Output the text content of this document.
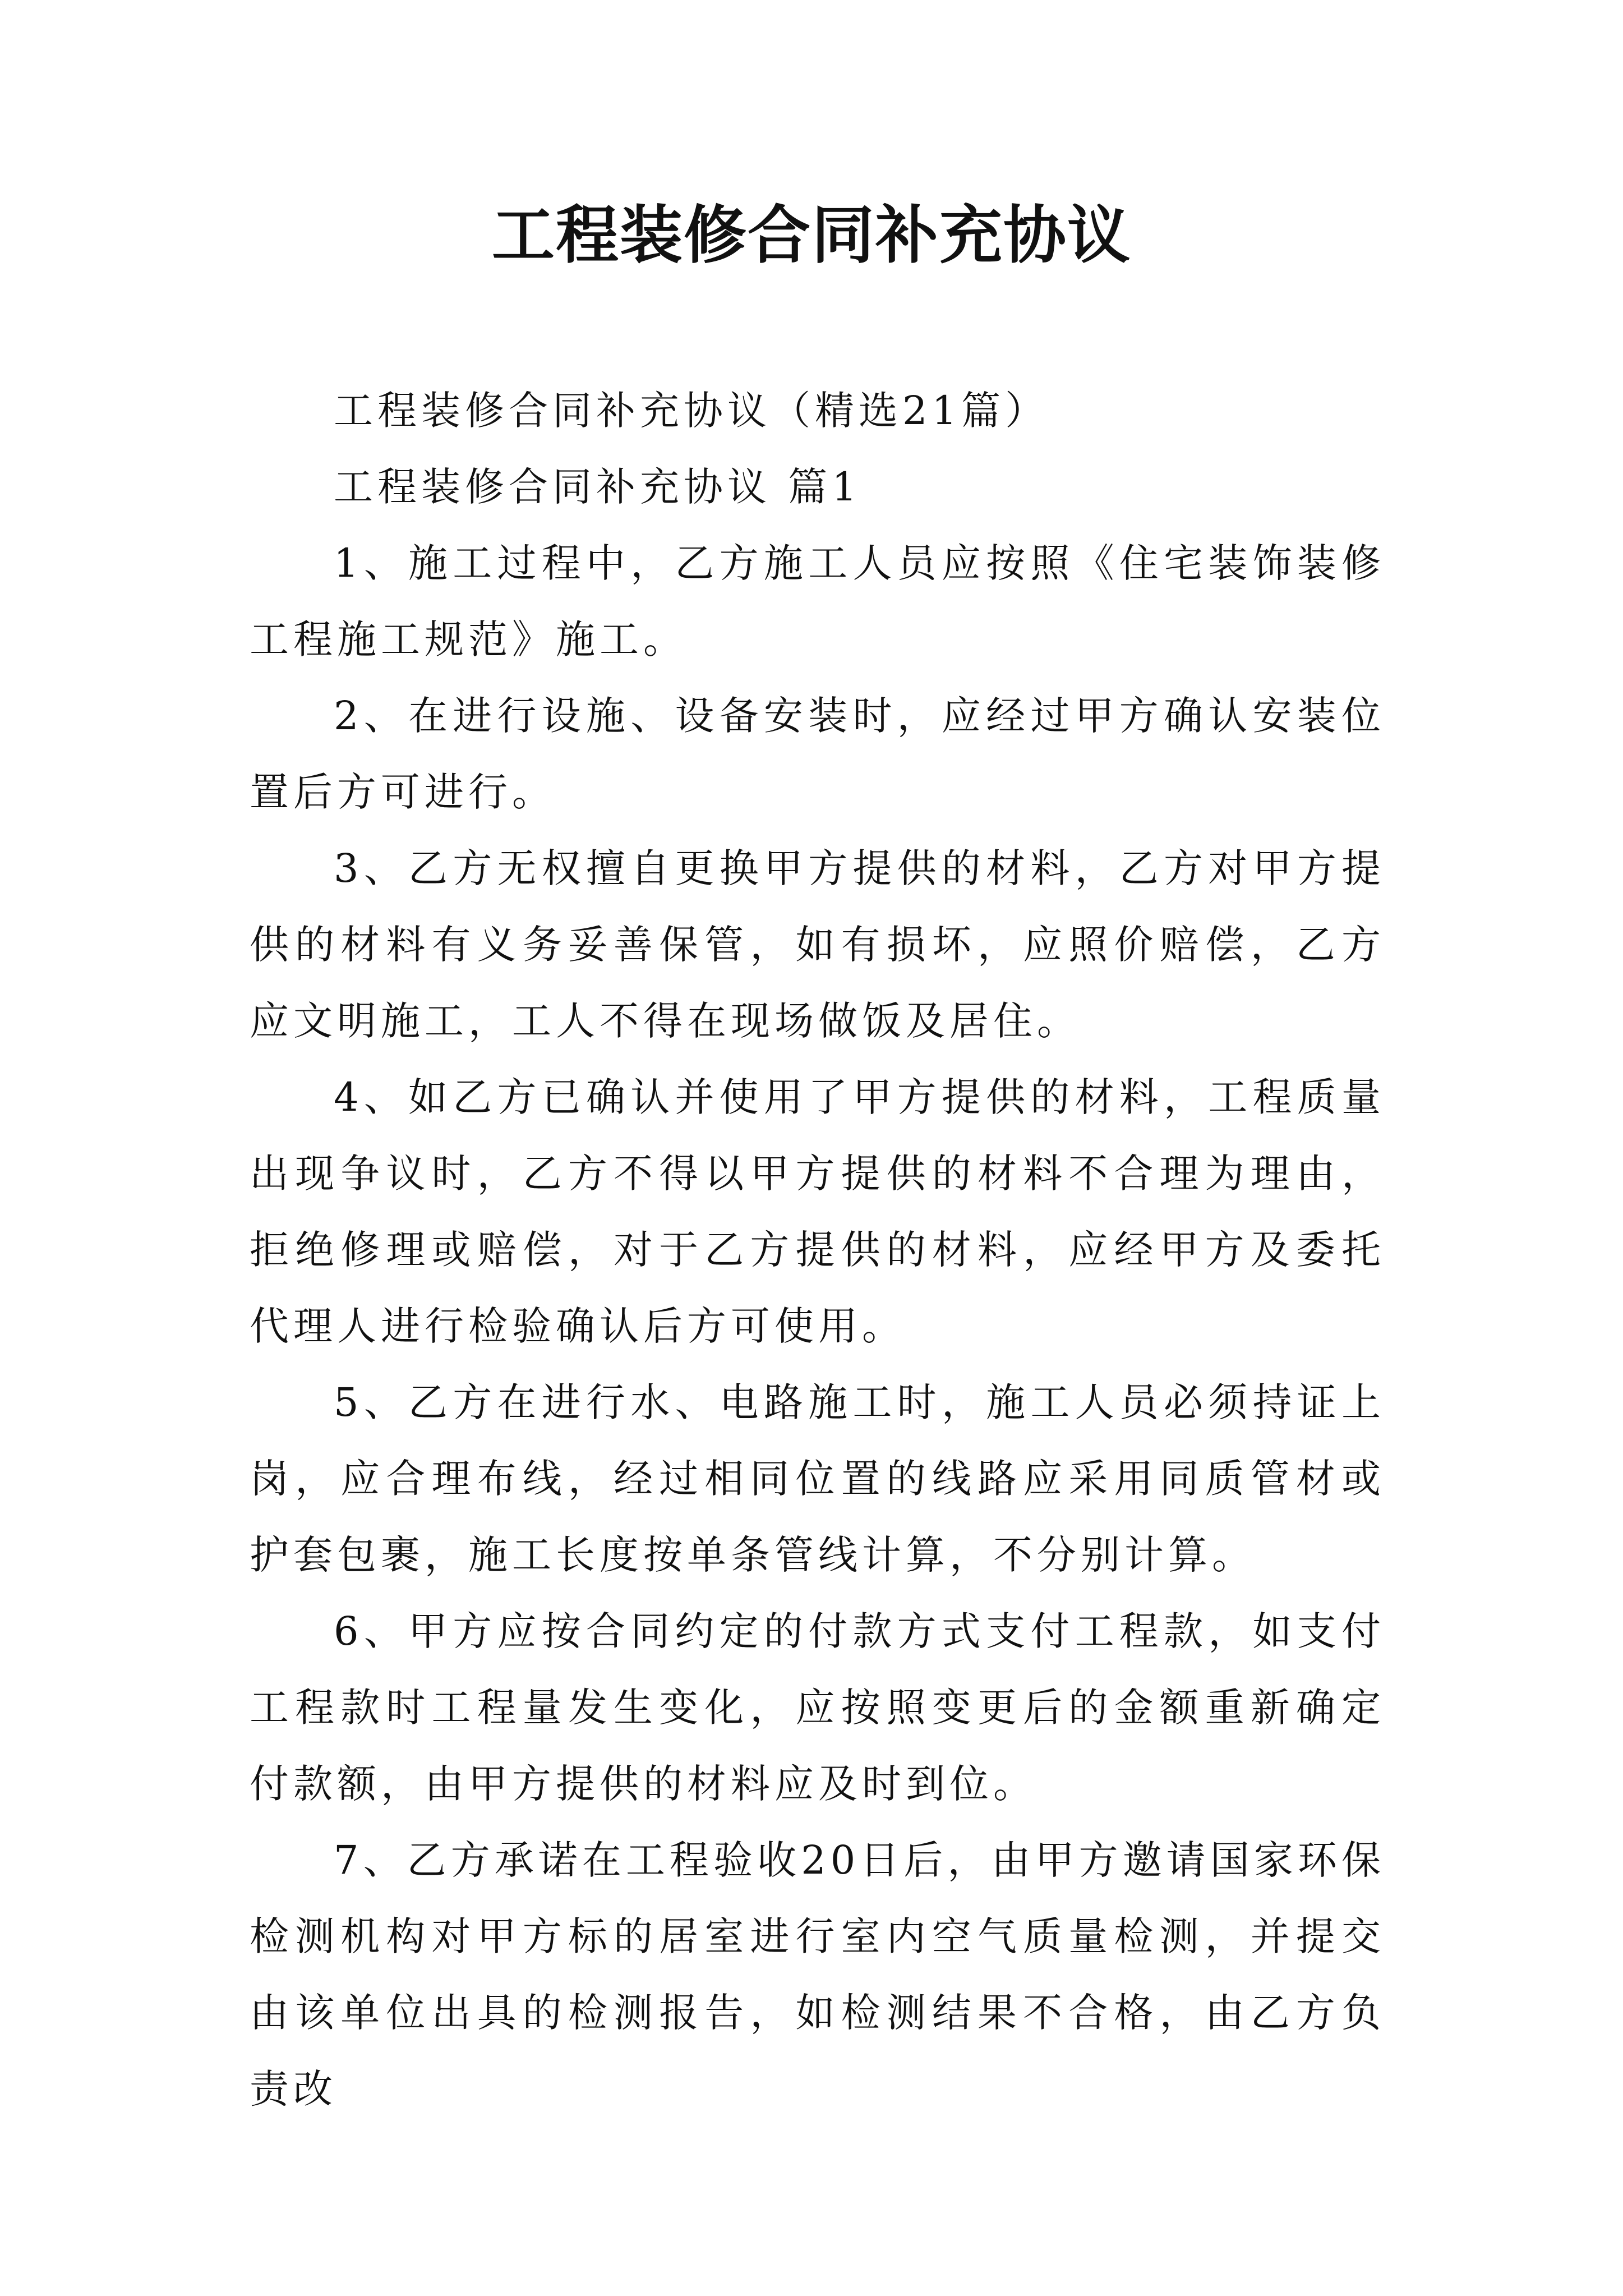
工程装修合同补充协议

工程装修合同补充协议（精选21篇）

工程装修合同补充协议 篇1

1、施工过程中，乙方施工人员应按照《住宅装饰装修工程施工规范》施工。

2、在进行设施、设备安装时，应经过甲方确认安装位置后方可进行。

3、乙方无权擅自更换甲方提供的材料，乙方对甲方提供的材料有义务妥善保管，如有损坏，应照价赔偿，乙方应文明施工，工人不得在现场做饭及居住。

4、如乙方已确认并使用了甲方提供的材料，工程质量出现争议时，乙方不得以甲方提供的材料不合理为理由，拒绝修理或赔偿，对于乙方提供的材料，应经甲方及委托代理人进行检验确认后方可使用。

5、乙方在进行水、电路施工时，施工人员必须持证上岗，应合理布线，经过相同位置的线路应采用同质管材或护套包裹，施工长度按单条管线计算，不分别计算。

6、甲方应按合同约定的付款方式支付工程款，如支付工程款时工程量发生变化，应按照变更后的金额重新确定付款额，由甲方提供的材料应及时到位。

7、乙方承诺在工程验收20日后，由甲方邀请国家环保检测机构对甲方标的居室进行室内空气质量检测，并提交由该单位出具的检测报告，如检测结果不合格，由乙方负责改
